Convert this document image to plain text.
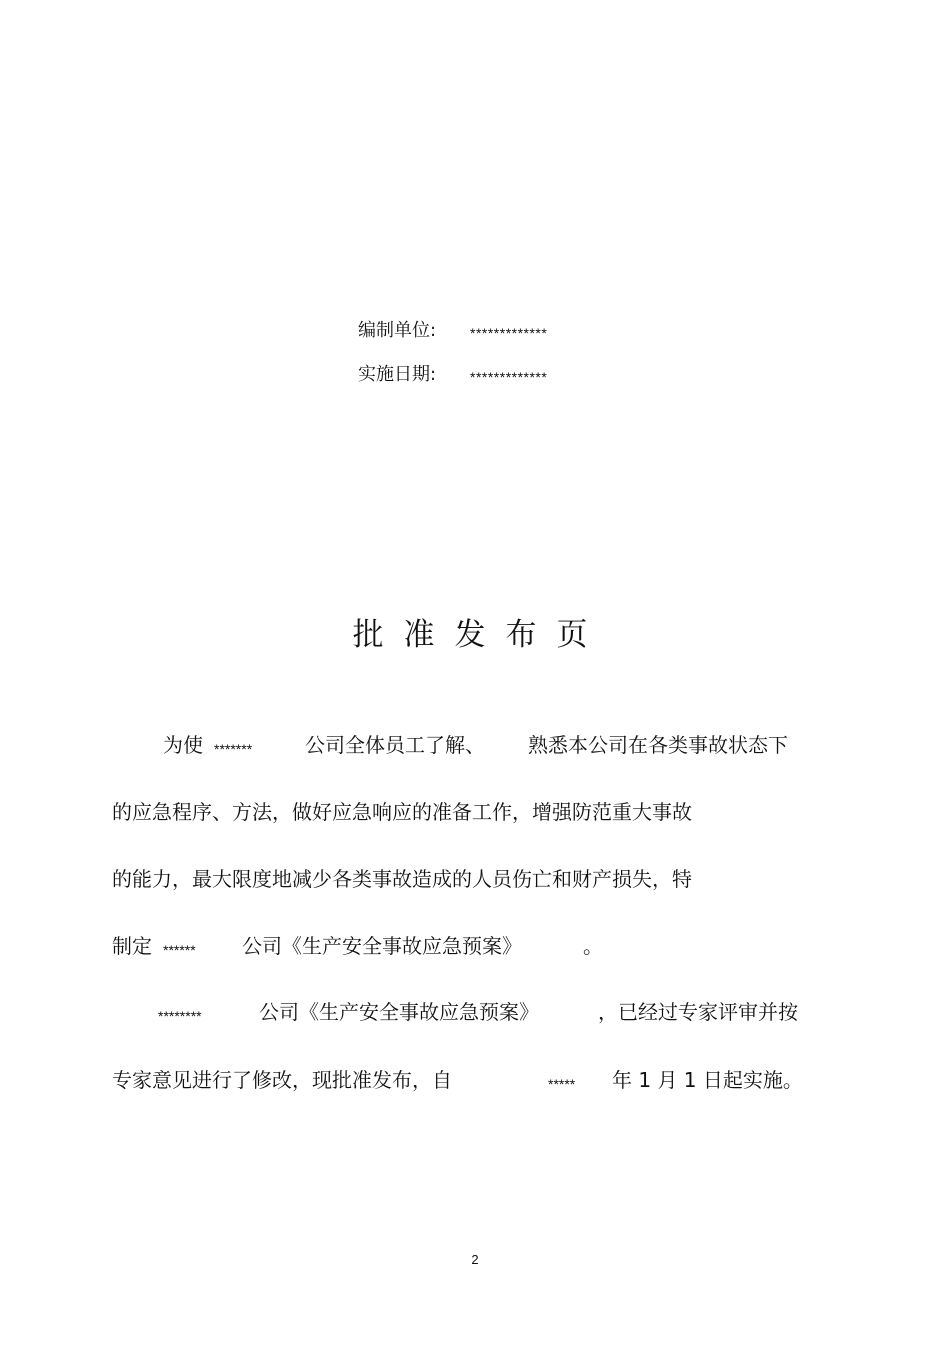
编制单位: *************
实施日期: *************
批准发布页
为使 *******	公司全体员工了解、 熟悉本公司在各类事故状态下
的应急程序、方法，做好应急响应的准备工作，增强防范重大事故
的能力，最大限度地减少各类事故造成的人员伤亡和财产损失，特
制定 ****** 公司《生产安全事故应急预案》	。
********	公司《生产安全事故应急预案》	，已经过专家评审并按
专家意见进行了修改，现批准发布，自	***** 年 1 月 1 日起实施。
2
